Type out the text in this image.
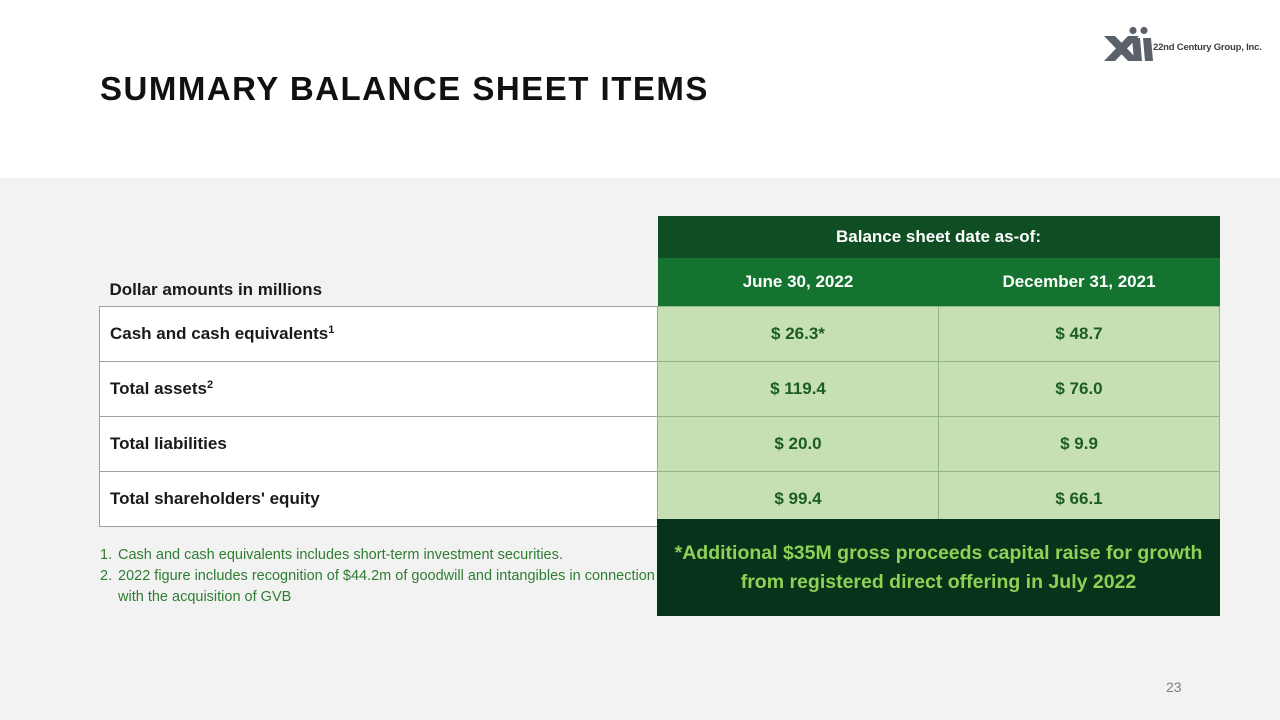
SUMMARY BALANCE SHEET ITEMS
22nd Century Group, Inc.
	Balance sheet date as-of:	
Dollar amounts in millions	June 30, 2022	December 31, 2021
Cash and cash equivalents$^1$	$ 26.3*	$ 48.7
Total assets$^2$	$ 119.4	$ 76.0
Total liabilities	$ 20.0	$ 9.9
Total shareholders' equity	$ 99.4	$ 66.1
1. Cash and cash equivalents includes short-term investment securities.
2. 2022 figure includes recognition of $44.2m of goodwill and intangibles in connection with the acquisition of GVB
*Additional $35M gross proceeds capital raise for growth from registered direct offering in July 2022
23
